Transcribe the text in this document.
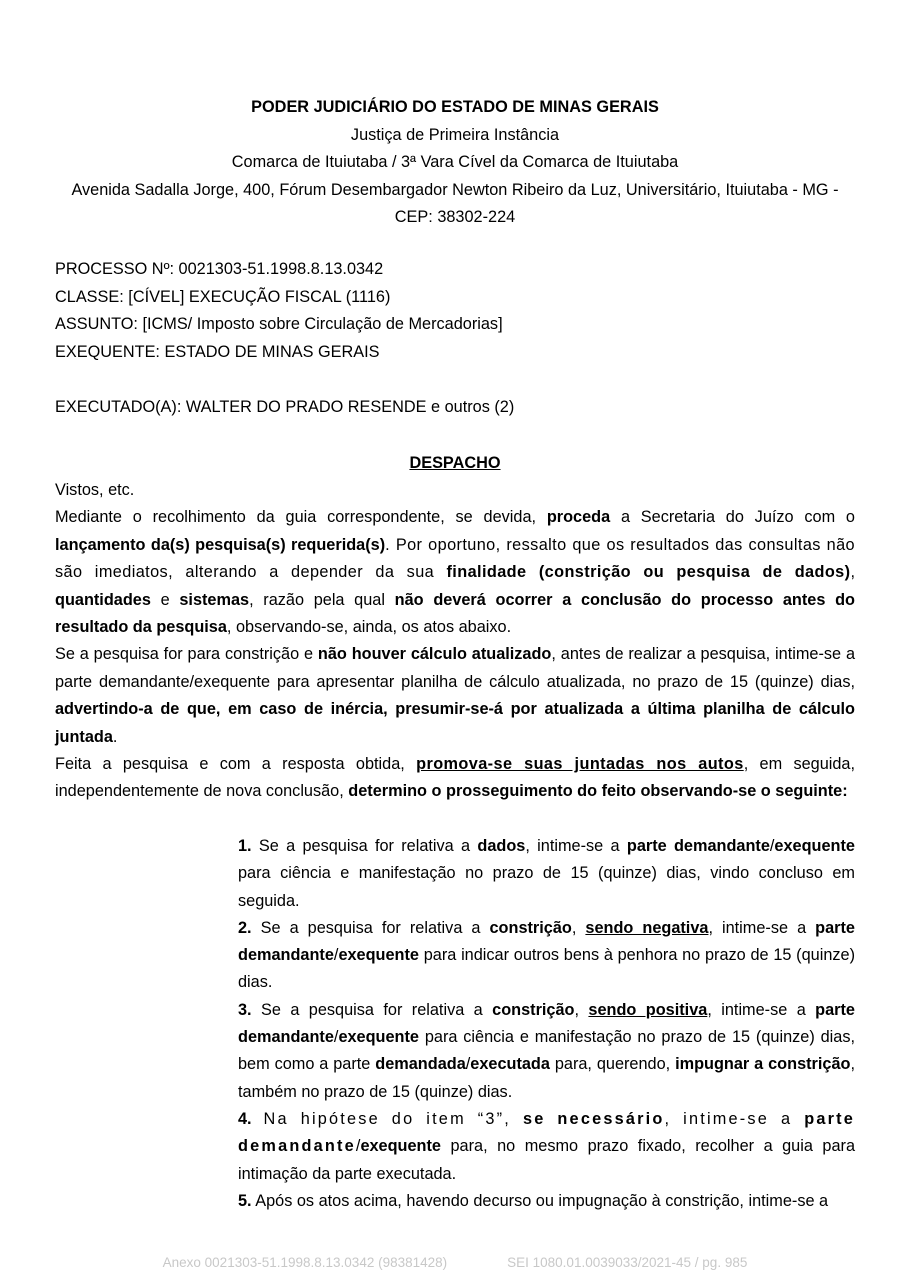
PODER JUDICIÁRIO DO ESTADO DE MINAS GERAIS
Justiça de Primeira Instância
Comarca de Ituiutaba / 3ª Vara Cível da Comarca de Ituiutaba
Avenida Sadalla Jorge, 400, Fórum Desembargador Newton Ribeiro da Luz, Universitário, Ituiutaba - MG -
CEP: 38302-224
PROCESSO Nº: 0021303-51.1998.8.13.0342
CLASSE: [CÍVEL] EXECUÇÃO FISCAL (1116)
ASSUNTO: [ICMS/ Imposto sobre Circulação de Mercadorias]
EXEQUENTE: ESTADO DE MINAS GERAIS
EXECUTADO(A): WALTER DO PRADO RESENDE e outros (2)
DESPACHO

Vistos, etc.

Mediante o recolhimento da guia correspondente, se devida, proceda a Secretaria do Juízo com o lançamento da(s) pesquisa(s) requerida(s). Por oportuno, ressalto que os resultados das consultas não são imediatos, alterando a depender da sua finalidade (constrição ou pesquisa de dados), quantidades e sistemas, razão pela qual não deverá ocorrer a conclusão do processo antes do resultado da pesquisa, observando-se, ainda, os atos abaixo.

Se a pesquisa for para constrição e não houver cálculo atualizado, antes de realizar a pesquisa, intime-se a parte demandante/exequente para apresentar planilha de cálculo atualizada, no prazo de 15 (quinze) dias, advertindo-a de que, em caso de inércia, presumir-se-á por atualizada a última planilha de cálculo juntada.

Feita a pesquisa e com a resposta obtida, promova-se suas juntadas nos autos, em seguida, independentemente de nova conclusão, determino o prosseguimento do feito observando-se o seguinte:

1. Se a pesquisa for relativa a dados, intime-se a parte demandante/exequente para ciência e manifestação no prazo de 15 (quinze) dias, vindo concluso em seguida.

2. Se a pesquisa for relativa a constrição, sendo negativa, intime-se a parte demandante/exequente para indicar outros bens à penhora no prazo de 15 (quinze) dias.

3. Se a pesquisa for relativa a constrição, sendo positiva, intime-se a parte demandante/exequente para ciência e manifestação no prazo de 15 (quinze) dias, bem como a parte demandada/executada para, querendo, impugnar a constrição, também no prazo de 15 (quinze) dias.

4. Na hipótese do item “3”, se necessário, intime-se a parte demandante/exequente para, no mesmo prazo fixado, recolher a guia para intimação da parte executada.

5. Após os atos acima, havendo decurso ou impugnação à constrição, intime-se a

Anexo 0021303-51.1998.8.13.0342 (98381428)	SEI 1080.01.0039033/2021-45 / pg. 985
